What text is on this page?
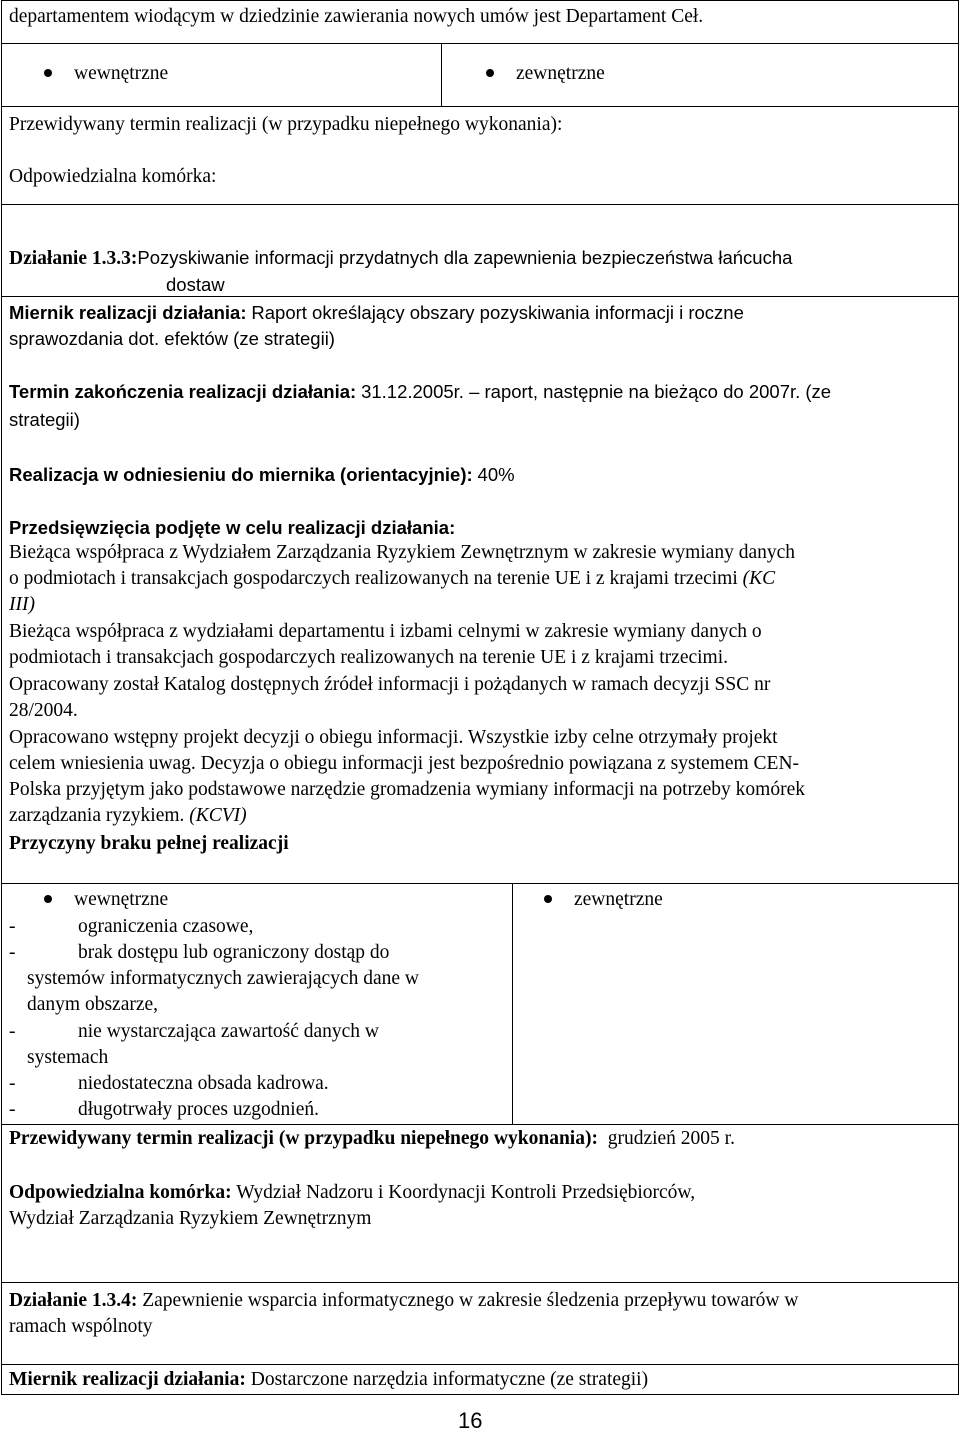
departamentem wiodącym w dziedzinie zawierania nowych umów jest Departament Ceł.
wewnętrzne	zewnętrzne
Przewidywany termin realizacji (w przypadku niepełnego wykonania):
Odpowiedzialna komórka:
Działanie 1.3.3:Pozyskiwanie informacji przydatnych dla zapewnienia bezpieczeństwa łańcucha
dostaw
Miernik realizacji działania: Raport określający obszary pozyskiwania informacji i roczne
sprawozdania dot. efektów (ze strategii)
Termin zakończenia realizacji działania: 31.12.2005r. – raport, następnie na bieżąco do 2007r. (ze
strategii)
Realizacja w odniesieniu do miernika (orientacyjnie): 40%
Przedsięwzięcia podjęte w celu realizacji działania:
Bieżąca współpraca z Wydziałem Zarządzania Ryzykiem Zewnętrznym w zakresie wymiany danych
o podmiotach i transakcjach gospodarczych realizowanych na terenie UE i z krajami trzecimi (KC
III)
Bieżąca współpraca z wydziałami departamentu i izbami celnymi w zakresie wymiany danych o
podmiotach i transakcjach gospodarczych realizowanych na terenie UE i z krajami trzecimi.
Opracowany został Katalog dostępnych źródeł informacji i pożądanych w ramach decyzji SSC nr
28/2004.
Opracowano wstępny projekt decyzji o obiegu informacji. Wszystkie izby celne otrzymały projekt
celem wniesienia uwag. Decyzja o obiegu informacji jest bezpośrednio powiązana z systemem CEN-
Polska przyjętym jako podstawowe narzędzie gromadzenia wymiany informacji na potrzeby komórek
zarządzania ryzykiem. (KCVI)
Przyczyny braku pełnej realizacji
wewnętrzne	zewnętrzne
-	ograniczenia czasowe,
-	brak dostępu lub ograniczony dostąp do
systemów informatycznych zawierających dane w
danym obszarze,
-	nie wystarczająca zawartość danych w
systemach
-	niedostateczna obsada kadrowa.
-	długotrwały proces uzgodnień.
Przewidywany termin realizacji (w przypadku niepełnego wykonania): grudzień 2005 r.
Odpowiedzialna komórka: Wydział Nadzoru i Koordynacji Kontroli Przedsiębiorców,
Wydział Zarządzania Ryzykiem Zewnętrznym
Działanie 1.3.4: Zapewnienie wsparcia informatycznego w zakresie śledzenia przepływu towarów w
ramach wspólnoty
Miernik realizacji działania: Dostarczone narzędzia informatyczne (ze strategii)
16
